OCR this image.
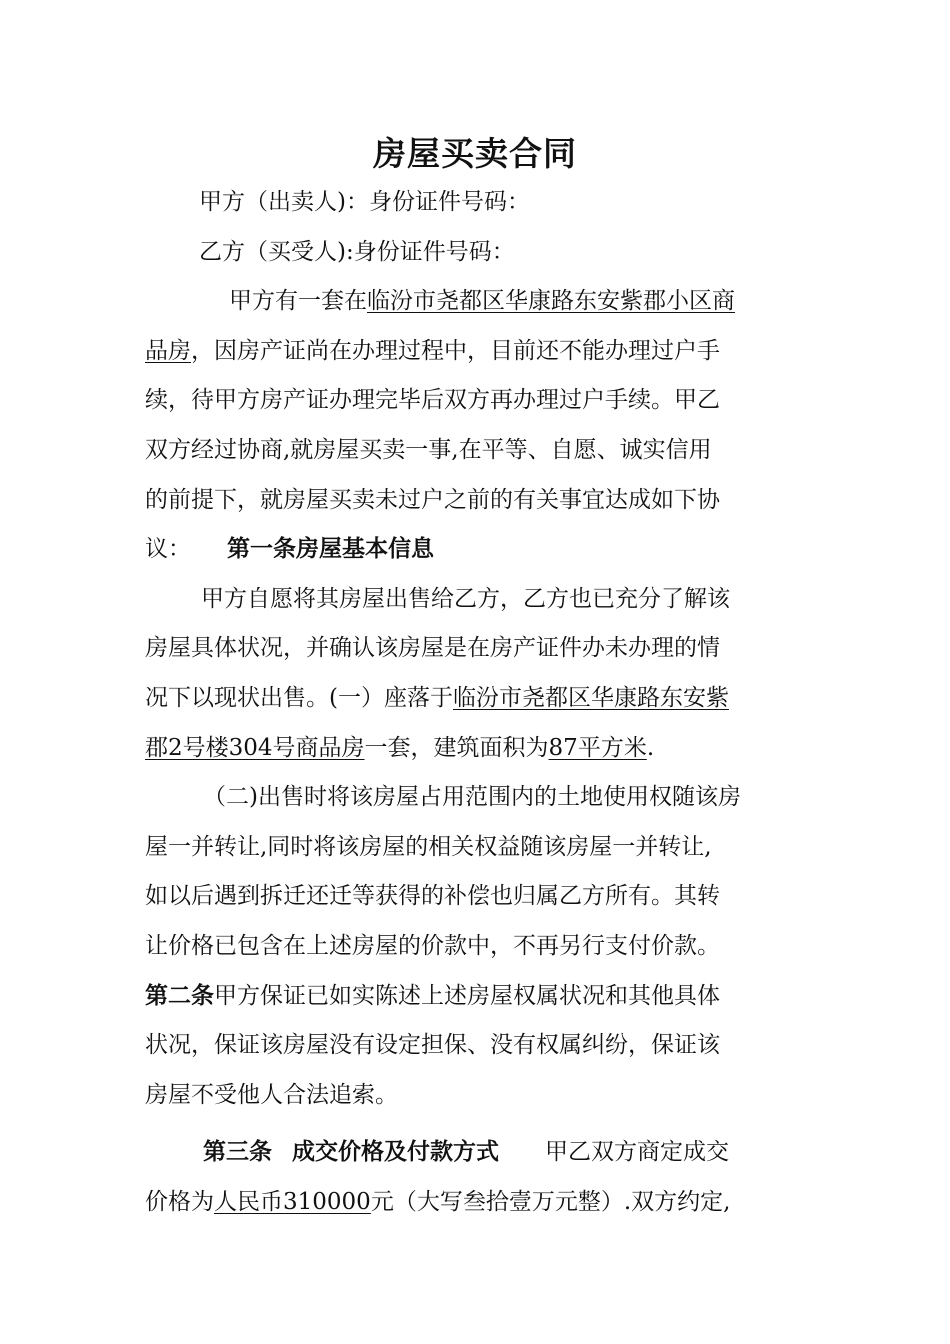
房屋买卖合同
甲方（出卖人)：身份证件号码：
乙方（买受人):身份证件号码：
甲方有一套在临汾市尧都区华康路东安紫郡小区商
品房，因房产证尚在办理过程中，目前还不能办理过户手
续，待甲方房产证办理完毕后双方再办理过户手续。甲乙
双方经过协商,就房屋买卖一事,在平等、自愿、诚实信用
的前提下，就房屋买卖未过户之前的有关事宜达成如下协
议： 第一条房屋基本信息
甲方自愿将其房屋出售给乙方，乙方也已充分了解该
房屋具体状况，并确认该房屋是在房产证件办未办理的情
况下以现状出售。(一）座落于临汾市尧都区华康路东安紫
郡2号楼304号商品房一套，建筑面积为87平方米.
（二)出售时将该房屋占用范围内的土地使用权随该房
屋一并转让,同时将该房屋的相关权益随该房屋一并转让,
如以后遇到拆迁还迁等获得的补偿也归属乙方所有。其转
让价格已包含在上述房屋的价款中，不再另行支付价款。
第二条甲方保证已如实陈述上述房屋权属状况和其他具体
状况，保证该房屋没有设定担保、没有权属纠纷，保证该
房屋不受他人合法追索。
第三条 成交价格及付款方式 甲乙双方商定成交
价格为人民币310000元（大写叁拾壹万元整）.双方约定,
